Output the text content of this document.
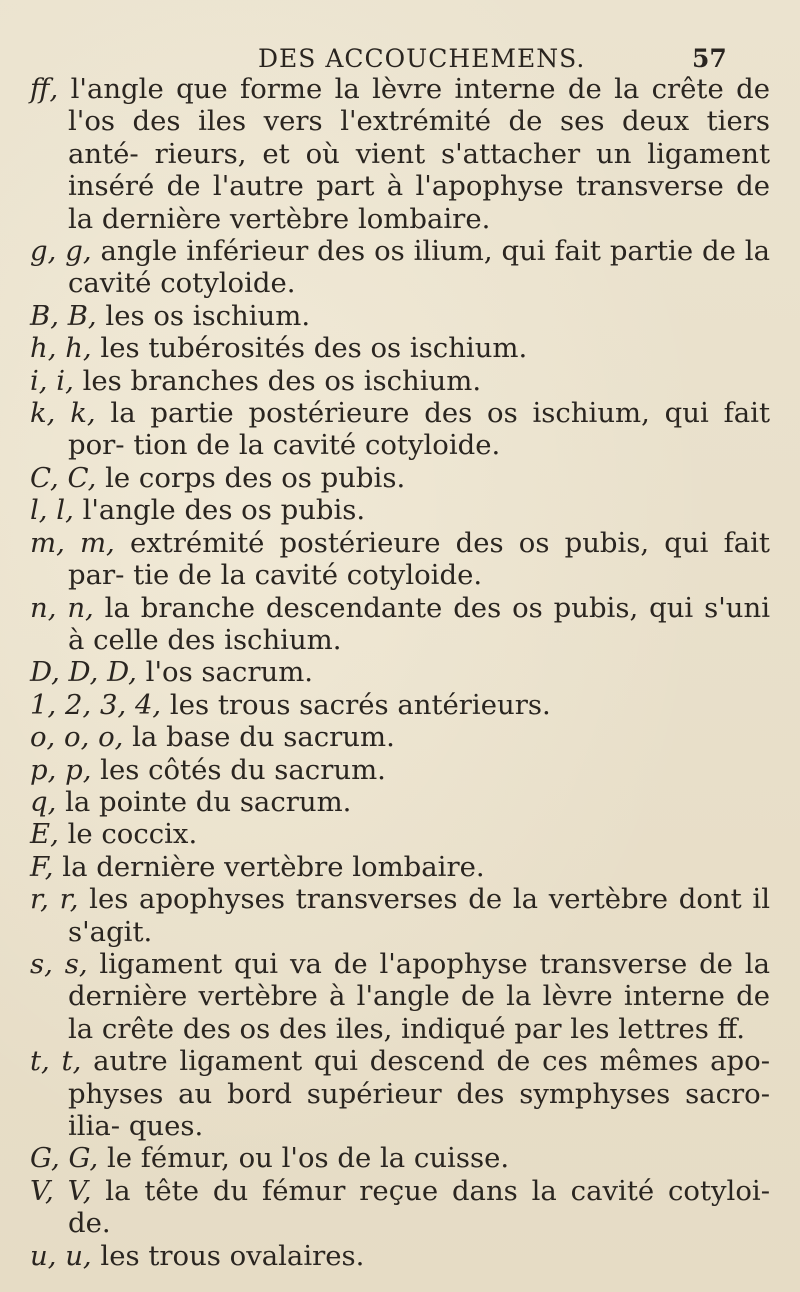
DES ACCOUCHEMENS.	57

ff, l'angle que forme la lèvre interne de la crête de l'os des iles vers l'extrémité de ses deux tiers anté- rieurs, et où vient s'attacher un ligament inséré de l'autre part à l'apophyse transverse de la dernière vertèbre lombaire.

g, g, angle inférieur des os ilium, qui fait partie de la cavité cotyloide.

B, B, les os ischium.

h, h, les tubérosités des os ischium.

i, i, les branches des os ischium.

k, k, la partie postérieure des os ischium, qui fait por- tion de la cavité cotyloide.

C, C, le corps des os pubis.

l, l, l'angle des os pubis.

m, m, extrémité postérieure des os pubis, qui fait par- tie de la cavité cotyloide.

n, n, la branche descendante des os pubis, qui s'uni à celle des ischium.

D, D, D, l'os sacrum.

1, 2, 3, 4, les trous sacrés antérieurs.

o, o, o, la base du sacrum.

p, p, les côtés du sacrum.

q, la pointe du sacrum.

E, le coccix.

F, la dernière vertèbre lombaire.

r, r, les apophyses transverses de la vertèbre dont il s'agit.

s, s, ligament qui va de l'apophyse transverse de la dernière vertèbre à l'angle de la lèvre interne de la crête des os des iles, indiqué par les lettres ff.

t, t, autre ligament qui descend de ces mêmes apo- physes au bord supérieur des symphyses sacro-ilia- ques.

G, G, le fémur, ou l'os de la cuisse.

V, V, la tête du fémur reçue dans la cavité cotyloi- de.

u, u, les trous ovalaires.
